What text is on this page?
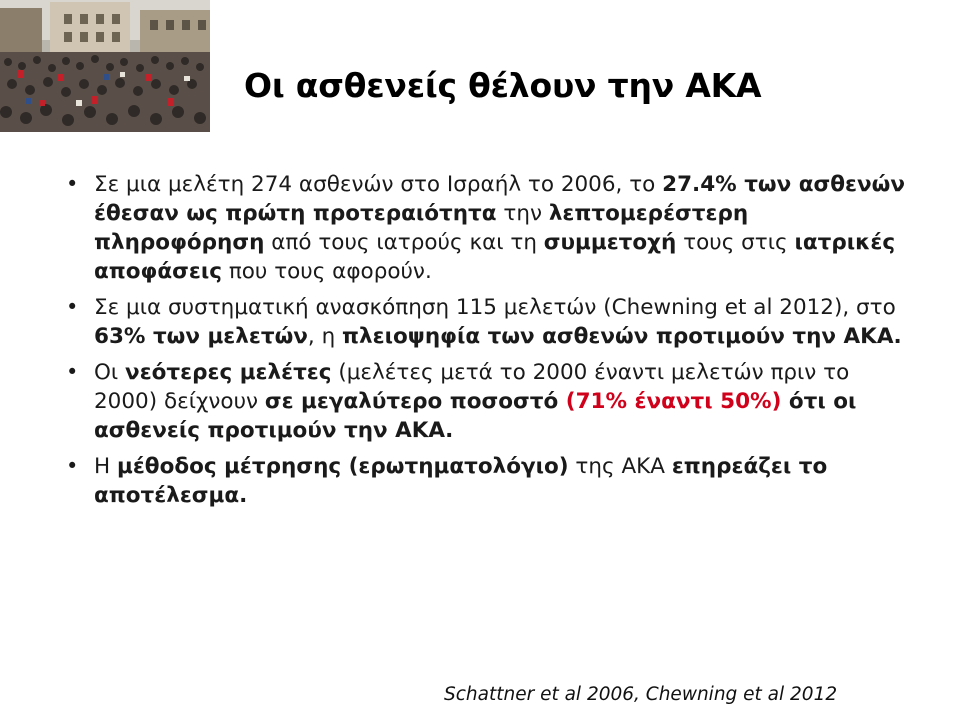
Οι ασθενείς θέλουν την ΑΚΑ
• Σε μια μελέτη 274 ασθενών στο Ισραήλ το 2006, το 27.4% των ασθενών έθεσαν ως πρώτη προτεραιότητα την λεπτομερέστερη πληροφόρηση από τους ιατρούς και τη συμμετοχή τους στις ιατρικές αποφάσεις που τους αφορούν.
• Σε μια συστηματική ανασκόπηση 115 μελετών (Chewning et al 2012), στο 63% των μελετών, η πλειοψηφία των ασθενών προτιμούν την ΑΚΑ.
• Οι νεότερες μελέτες (μελέτες μετά το 2000 έναντι μελετών πριν το 2000) δείχνουν σε μεγαλύτερο ποσοστό (71% έναντι 50%) ότι οι ασθενείς προτιμούν την ΑΚΑ.
• Η μέθοδος μέτρησης (ερωτηματολόγιο) της ΑΚΑ επηρεάζει το αποτέλεσμα.
Schattner et al 2006, Chewning et al 2012
